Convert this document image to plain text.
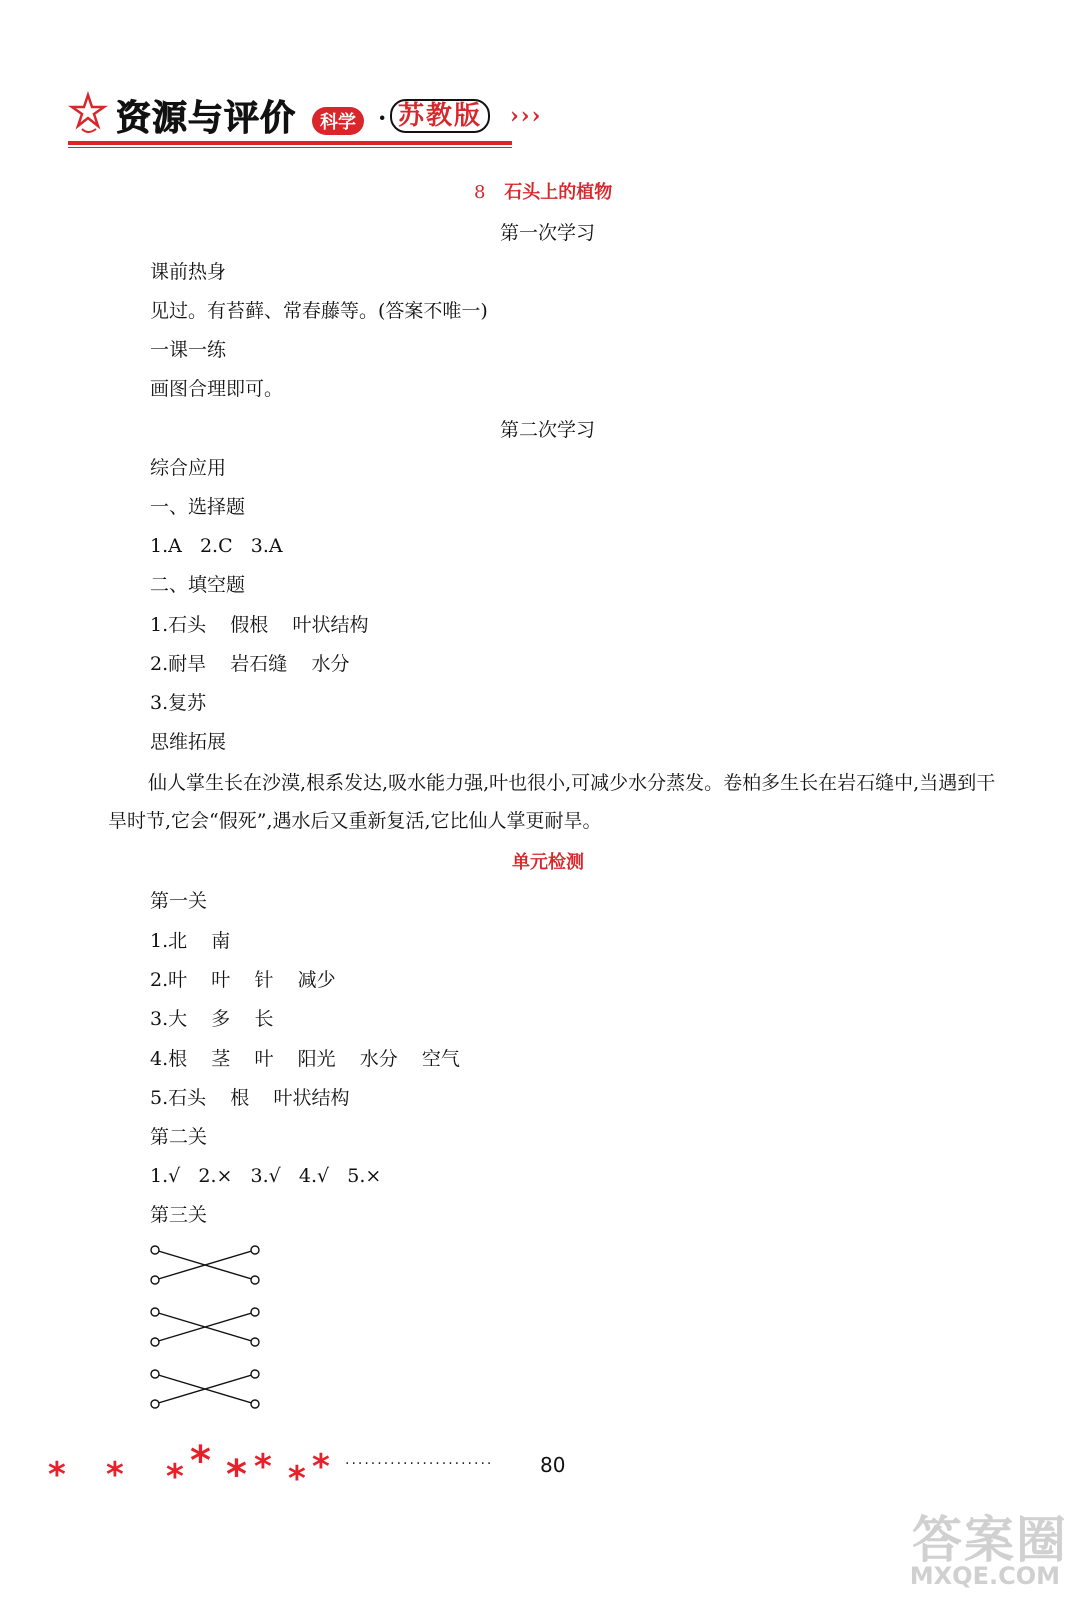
资源与评价	科学 · 苏教版	›››
8 石头上的植物
第一次学习
课前热身
见过。有苔藓、常春藤等。(答案不唯一)
一课一练
画图合理即可。
第二次学习
综合应用
一、选择题
1.A   2.C   3.A
二、填空题
1.石头    假根    叶状结构
2.耐旱    岩石缝    水分
3.复苏
思维拓展
仙人掌生长在沙漠,根系发达,吸水能力强,叶也很小,可减少水分蒸发。卷柏多生长在岩石缝中,当遇到干旱时节,它会“假死”,遇水后又重新复活,它比仙人掌更耐旱。
单元检测
第一关
1.北    南
2.叶    叶    针    减少
3.大    多    长
4.根    茎    叶    阳光    水分    空气
5.石头    根    叶状结构
第二关
1.√   2.×   3.√   4.√   5.×
第三关
* * * * * * * * ······················· 80
答案圈
MXQE.COM
